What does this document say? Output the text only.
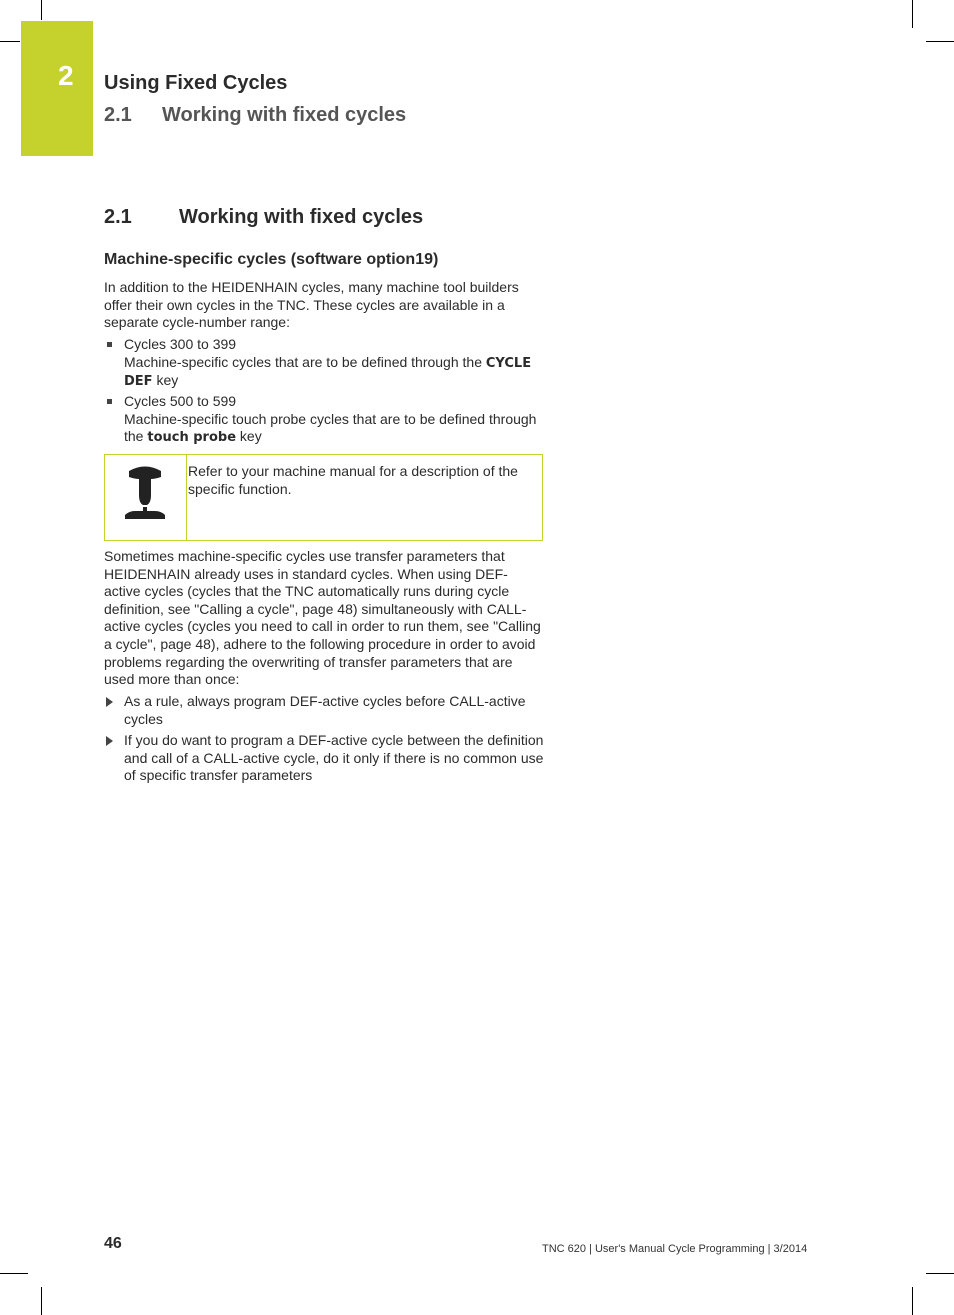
2 Using Fixed Cycles
2.1 Working with fixed cycles
2.1 Working with fixed cycles
Machine-specific cycles (software option19)
In addition to the HEIDENHAIN cycles, many machine tool builders offer their own cycles in the TNC. These cycles are available in a separate cycle-number range:
Cycles 300 to 399
Machine-specific cycles that are to be defined through the CYCLE DEF key
Cycles 500 to 599
Machine-specific touch probe cycles that are to be defined through the touch probe key
Refer to your machine manual for a description of the specific function.
Sometimes machine-specific cycles use transfer parameters that HEIDENHAIN already uses in standard cycles. When using DEF-active cycles (cycles that the TNC automatically runs during cycle definition, see "Calling a cycle", page 48) simultaneously with CALL-active cycles (cycles you need to call in order to run them, see "Calling a cycle", page 48), adhere to the following procedure in order to avoid problems regarding the overwriting of transfer parameters that are used more than once:
As a rule, always program DEF-active cycles before CALL-active cycles
If you do want to program a DEF-active cycle between the definition and call of a CALL-active cycle, do it only if there is no common use of specific transfer parameters
46	TNC 620 | User's Manual Cycle Programming | 3/2014
